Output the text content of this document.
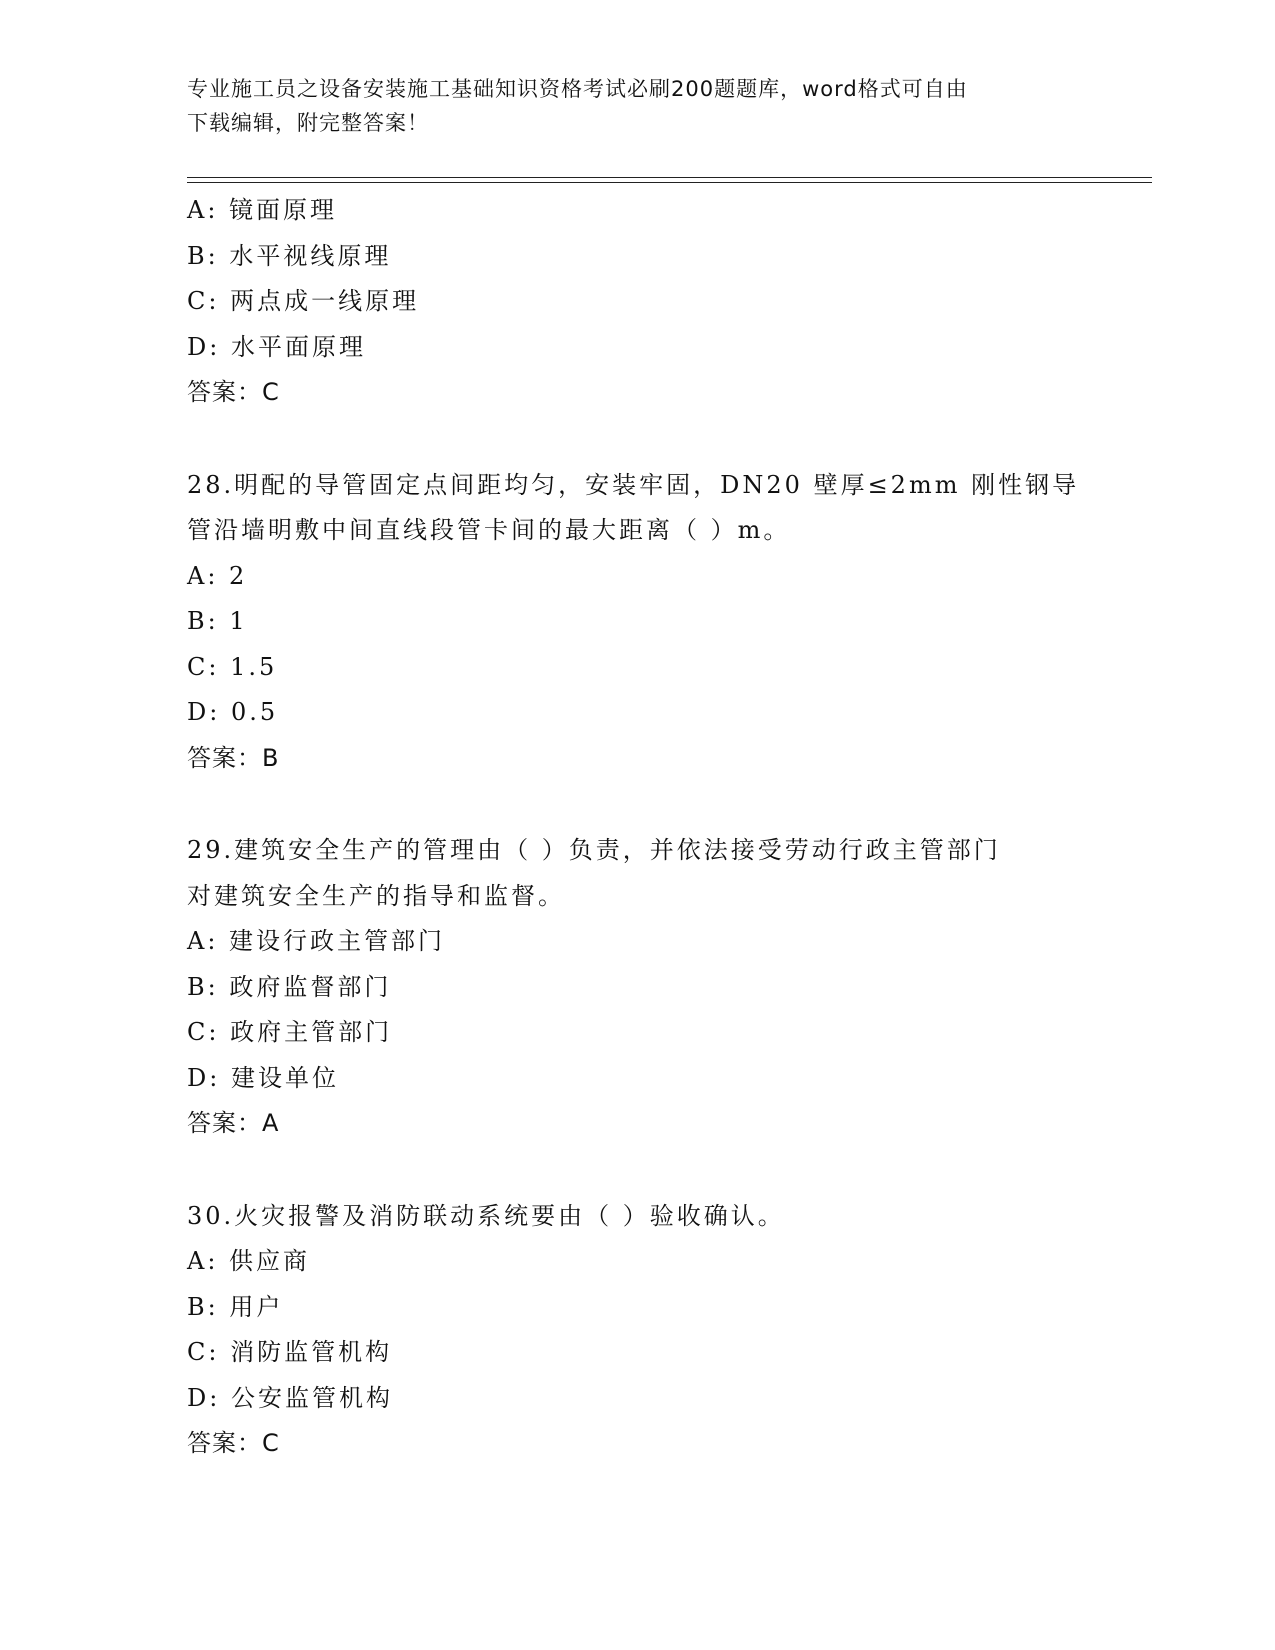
专业施工员之设备安装施工基础知识资格考试必刷200题题库，word格式可自由
下载编辑，附完整答案！
A: 镜面原理
B: 水平视线原理
C: 两点成一线原理
D: 水平面原理
答案：C
28.明配的导管固定点间距均匀，安装牢固，DN20 壁厚≤2mm 刚性钢导
管沿墙明敷中间直线段管卡间的最大距离（ ）m。
A: 2
B: 1
C: 1.5
D: 0.5
答案：B
29.建筑安全生产的管理由（ ）负责，并依法接受劳动行政主管部门
对建筑安全生产的指导和监督。
A: 建设行政主管部门
B: 政府监督部门
C: 政府主管部门
D: 建设单位
答案：A
30.火灾报警及消防联动系统要由（ ）验收确认。
A: 供应商
B: 用户
C: 消防监管机构
D: 公安监管机构
答案：C
